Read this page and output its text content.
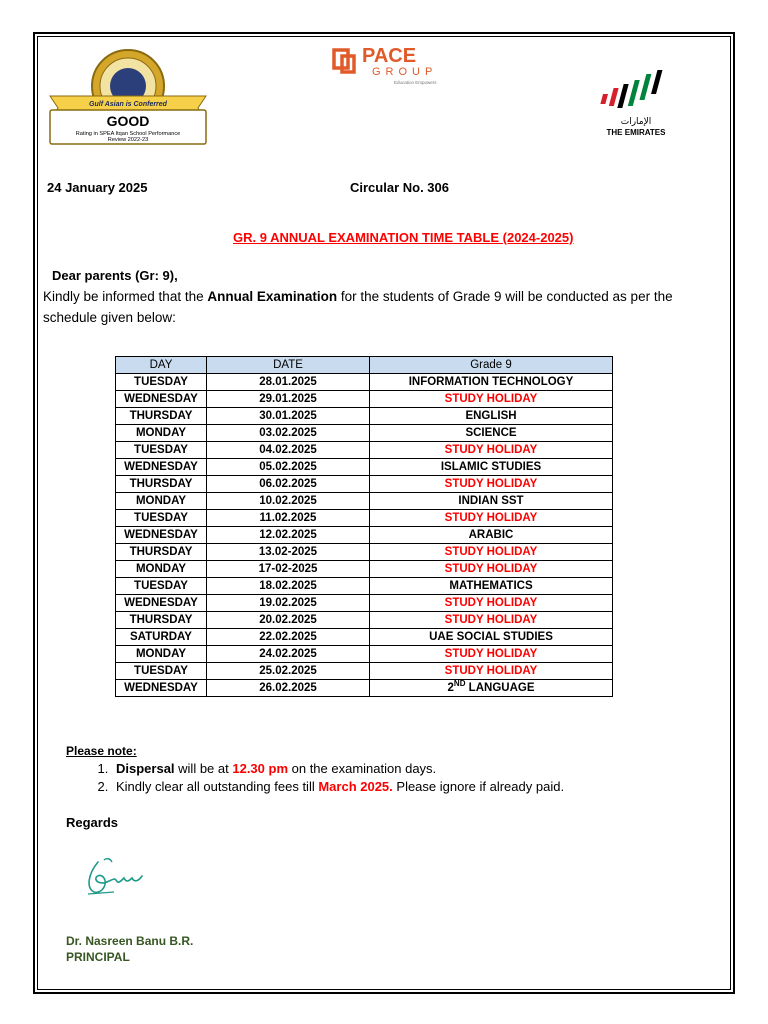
Gulf Asian is Conferred
GOOD
Rating in SPEA Itqan School Performance
Review 2022-23
PACE
GROUP
Education Empowers
الإمارات
THE EMIRATES
24 January 2025	Circular No. 306
GR. 9 ANNUAL EXAMINATION TIME TABLE (2024-2025)
Dear parents (Gr: 9),
Kindly be informed that the Annual Examination for the students of Grade 9 will be conducted as per the schedule given below:
DAY	DATE	Grade 9
TUESDAY	28.01.2025	INFORMATION TECHNOLOGY
WEDNESDAY	29.01.2025	STUDY HOLIDAY
THURSDAY	30.01.2025	ENGLISH
MONDAY	03.02.2025	SCIENCE
TUESDAY	04.02.2025	STUDY HOLIDAY
WEDNESDAY	05.02.2025	ISLAMIC STUDIES
THURSDAY	06.02.2025	STUDY HOLIDAY
MONDAY	10.02.2025	INDIAN SST
TUESDAY	11.02.2025	STUDY HOLIDAY
WEDNESDAY	12.02.2025	ARABIC
THURSDAY	13.02-2025	STUDY HOLIDAY
MONDAY	17-02-2025	STUDY HOLIDAY
TUESDAY	18.02.2025	MATHEMATICS
WEDNESDAY	19.02.2025	STUDY HOLIDAY
THURSDAY	20.02.2025	STUDY HOLIDAY
SATURDAY	22.02.2025	UAE SOCIAL STUDIES
MONDAY	24.02.2025	STUDY HOLIDAY
TUESDAY	25.02.2025	STUDY HOLIDAY
WEDNESDAY	26.02.2025	2ND LANGUAGE
Please note:
1. Dispersal will be at 12.30 pm on the examination days.
2. Kindly clear all outstanding fees till March 2025. Please ignore if already paid.
Regards
Dr. Nasreen Banu B.R.
PRINCIPAL
